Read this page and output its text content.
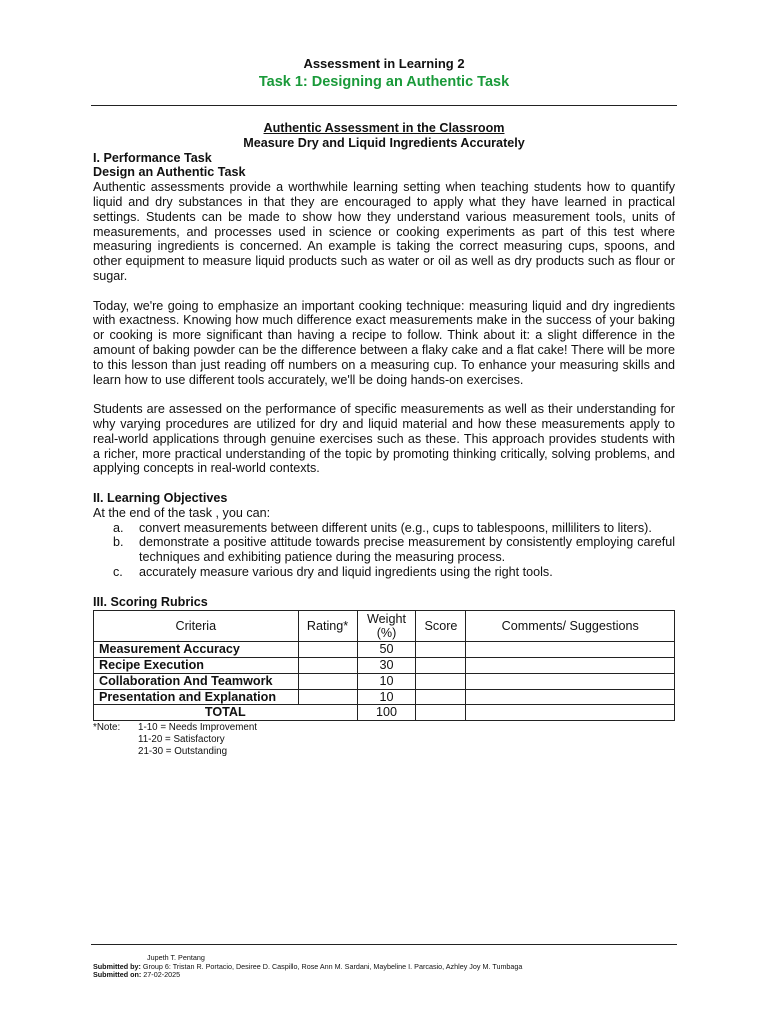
Assessment in Learning 2
Task 1: Designing an Authentic Task
Authentic Assessment in the Classroom
Measure Dry and Liquid Ingredients Accurately
I. Performance Task
Design an Authentic Task

Authentic assessments provide a worthwhile learning setting when teaching students how to quantify liquid and dry substances in that they are encouraged to apply what they have learned in practical settings. Students can be made to show how they understand various measurement tools, units of measurements, and processes used in science or cooking experiments as part of this test where measuring ingredients is concerned. An example is taking the correct measuring cups, spoons, and other equipment to measure liquid products such as water or oil as well as dry products such as flour or sugar.

Today, we're going to emphasize an important cooking technique: measuring liquid and dry ingredients with exactness. Knowing how much difference exact measurements make in the success of your baking or cooking is more significant than having a recipe to follow. Think about it: a slight difference in the amount of baking powder can be the difference between a flaky cake and a flat cake! There will be more to this lesson than just reading off numbers on a measuring cup. To enhance your measuring skills and learn how to use different tools accurately, we'll be doing hands-on exercises.

Students are assessed on the performance of specific measurements as well as their understanding for why varying procedures are utilized for dry and liquid material and how these measurements apply to real-world applications through genuine exercises such as these. This approach provides students with a richer, more practical understanding of the topic by promoting thinking critically, solving problems, and applying concepts in real-world contexts.

II. Learning Objectives
At the end of the task , you can:
a.	convert measurements between different units (e.g., cups to tablespoons, milliliters to liters).
b.	demonstrate a positive attitude towards precise measurement by consistently employing careful techniques and exhibiting patience during the measuring process.
c.	accurately measure various dry and liquid ingredients using the right tools.
III. Scoring Rubrics
Criteria	Rating*	Weight (%)	Score	Comments/ Suggestions
Measurement Accuracy		50		
Recipe Execution		30		
Collaboration And Teamwork		10		
Presentation and Explanation		10		
TOTAL		100		
*Note:	1-10 = Needs Improvement
11-20 = Satisfactory
21-30 = Outstanding
Jupeth T. Pentang
Submitted by: Group 6: Tristan R. Portacio, Desiree D. Caspillo, Rose Ann M. Sardani, Maybeline I. Parcasio, Azhley Joy M. Tumbaga
Submitted on: 27-02-2025
